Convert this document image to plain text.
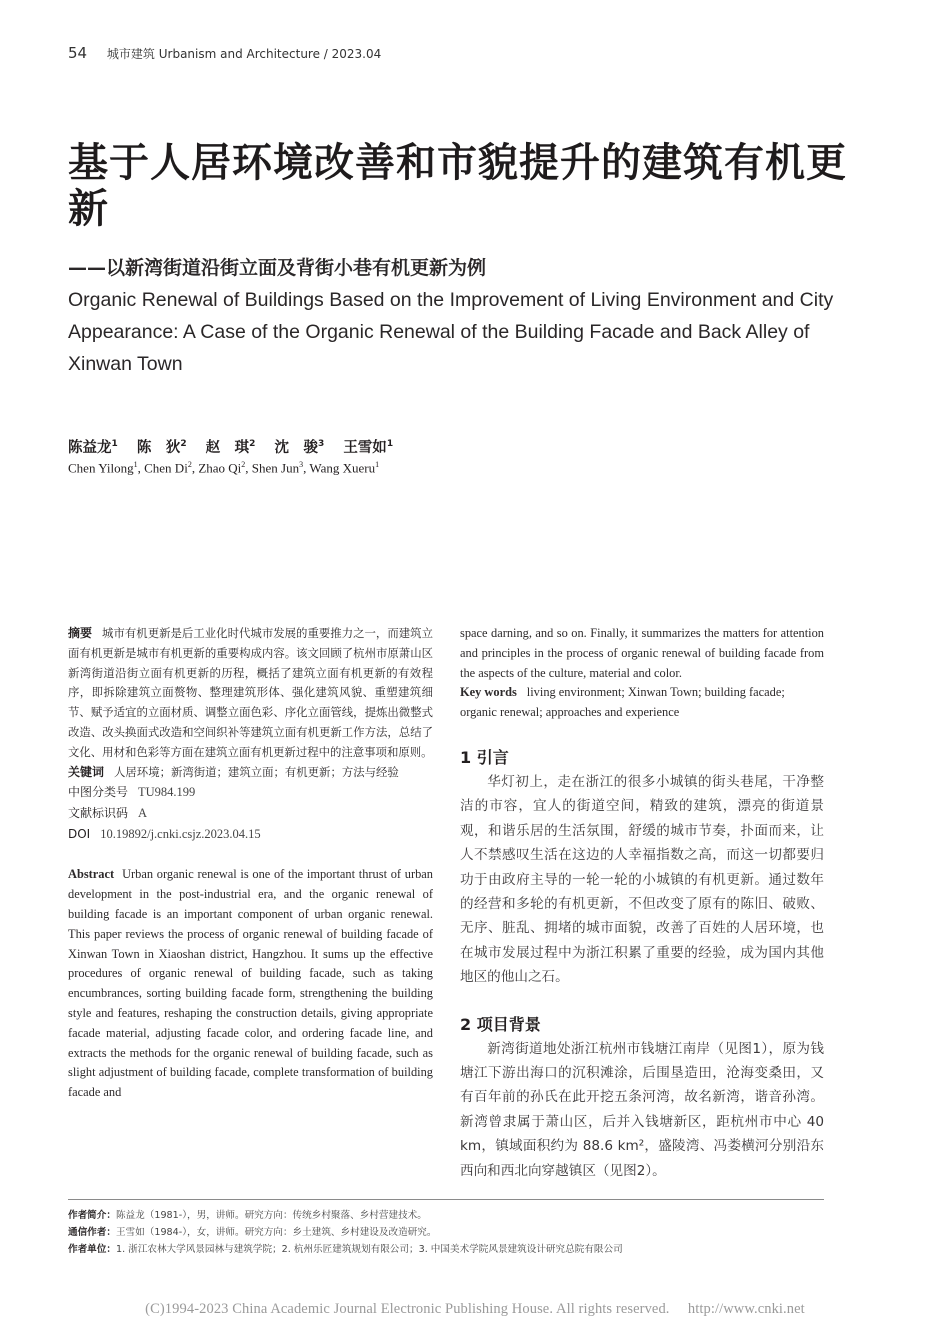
54 城市建筑 Urbanism and Architecture / 2023.04
基于人居环境改善和市貌提升的建筑有机更新
——以新湾街道沿街立面及背街小巷有机更新为例
Organic Renewal of Buildings Based on the Improvement of Living Environment and City Appearance: A Case of the Organic Renewal of the Building Facade and Back Alley of Xinwan Town
陈益龙$^1$ 陈　狄$^2$ 赵　琪$^2$ 沈　骏$^3$ 王雪如$^1$
Chen Yilong$^1$, Chen Di$^2$, Zhao Qi$^2$, Shen Jun$^3$, Wang Xueru$^1$
摘要 城市有机更新是后工业化时代城市发展的重要推力之一，而建筑立面有机更新是城市有机更新的重要构成内容。该文回顾了杭州市原萧山区新湾街道沿街立面有机更新的历程，概括了建筑立面有机更新的有效程序，即拆除建筑立面赘物、整理建筑形体、强化建筑风貌、重塑建筑细节、赋予适宜的立面材质、调整立面色彩、序化立面管线，提炼出微整式改造、改头换面式改造和空间织补等建筑立面有机更新工作方法，总结了文化、用材和色彩等方面在建筑立面有机更新过程中的注意事项和原则。
关键词 人居环境；新湾街道；建筑立面；有机更新；方法与经验
中图分类号 TU984.199
文献标识码 A
DOI 10.19892/j.cnki.csjz.2023.04.15
Abstract Urban organic renewal is one of the important thrust of urban development in the post-industrial era, and the organic renewal of building facade is an important component of urban organic renewal. This paper reviews the process of organic renewal of building facade of Xinwan Town in Xiaoshan district, Hangzhou. It sums up the effective procedures of organic renewal of building facade, such as taking encumbrances, sorting building facade form, strengthening the building style and features, reshaping the construction details, giving appropriate facade material, adjusting facade color, and ordering facade line, and extracts the methods for the organic renewal of building facade, such as slight adjustment of building facade, complete transformation of building facade and
space darning, and so on. Finally, it summarizes the matters for attention and principles in the process of organic renewal of building facade from the aspects of the culture, material and color.
Key words living environment; Xinwan Town; building facade; organic renewal; approaches and experience
1 引言

华灯初上，走在浙江的很多小城镇的街头巷尾，干净整洁的市容，宜人的街道空间，精致的建筑，漂亮的街道景观，和谐乐居的生活氛围，舒缓的城市节奏，扑面而来，让人不禁感叹生活在这边的人幸福指数之高，而这一切都要归功于由政府主导的一轮一轮的小城镇的有机更新。通过数年的经营和多轮的有机更新，不但改变了原有的陈旧、破败、无序、脏乱、拥堵的城市面貌，改善了百姓的人居环境，也在城市发展过程中为浙江积累了重要的经验，成为国内其他地区的他山之石。

2 项目背景

新湾街道地处浙江杭州市钱塘江南岸（见图1），原为钱塘江下游出海口的沉积滩涂，后围垦造田，沧海变桑田，又有百年前的孙氏在此开挖五条河湾，故名新湾，谐音孙湾。新湾曾隶属于萧山区，后并入钱塘新区，距杭州市中心 40 km，镇域面积约为 88.6 km²，盛陵湾、冯娄横河分别沿东西向和西北向穿越镇区（见图2）。

作者简介：陈益龙（1981-），男，讲师。研究方向：传统乡村聚落、乡村营建技术。
通信作者：王雪如（1984-），女，讲师。研究方向：乡土建筑、乡村建设及改造研究。
作者单位：1. 浙江农林大学风景园林与建筑学院；2. 杭州乐匠建筑规划有限公司；3. 中国美术学院风景建筑设计研究总院有限公司
(C)1994-2023 China Academic Journal Electronic Publishing House. All rights reserved.　 http://www.cnki.net
